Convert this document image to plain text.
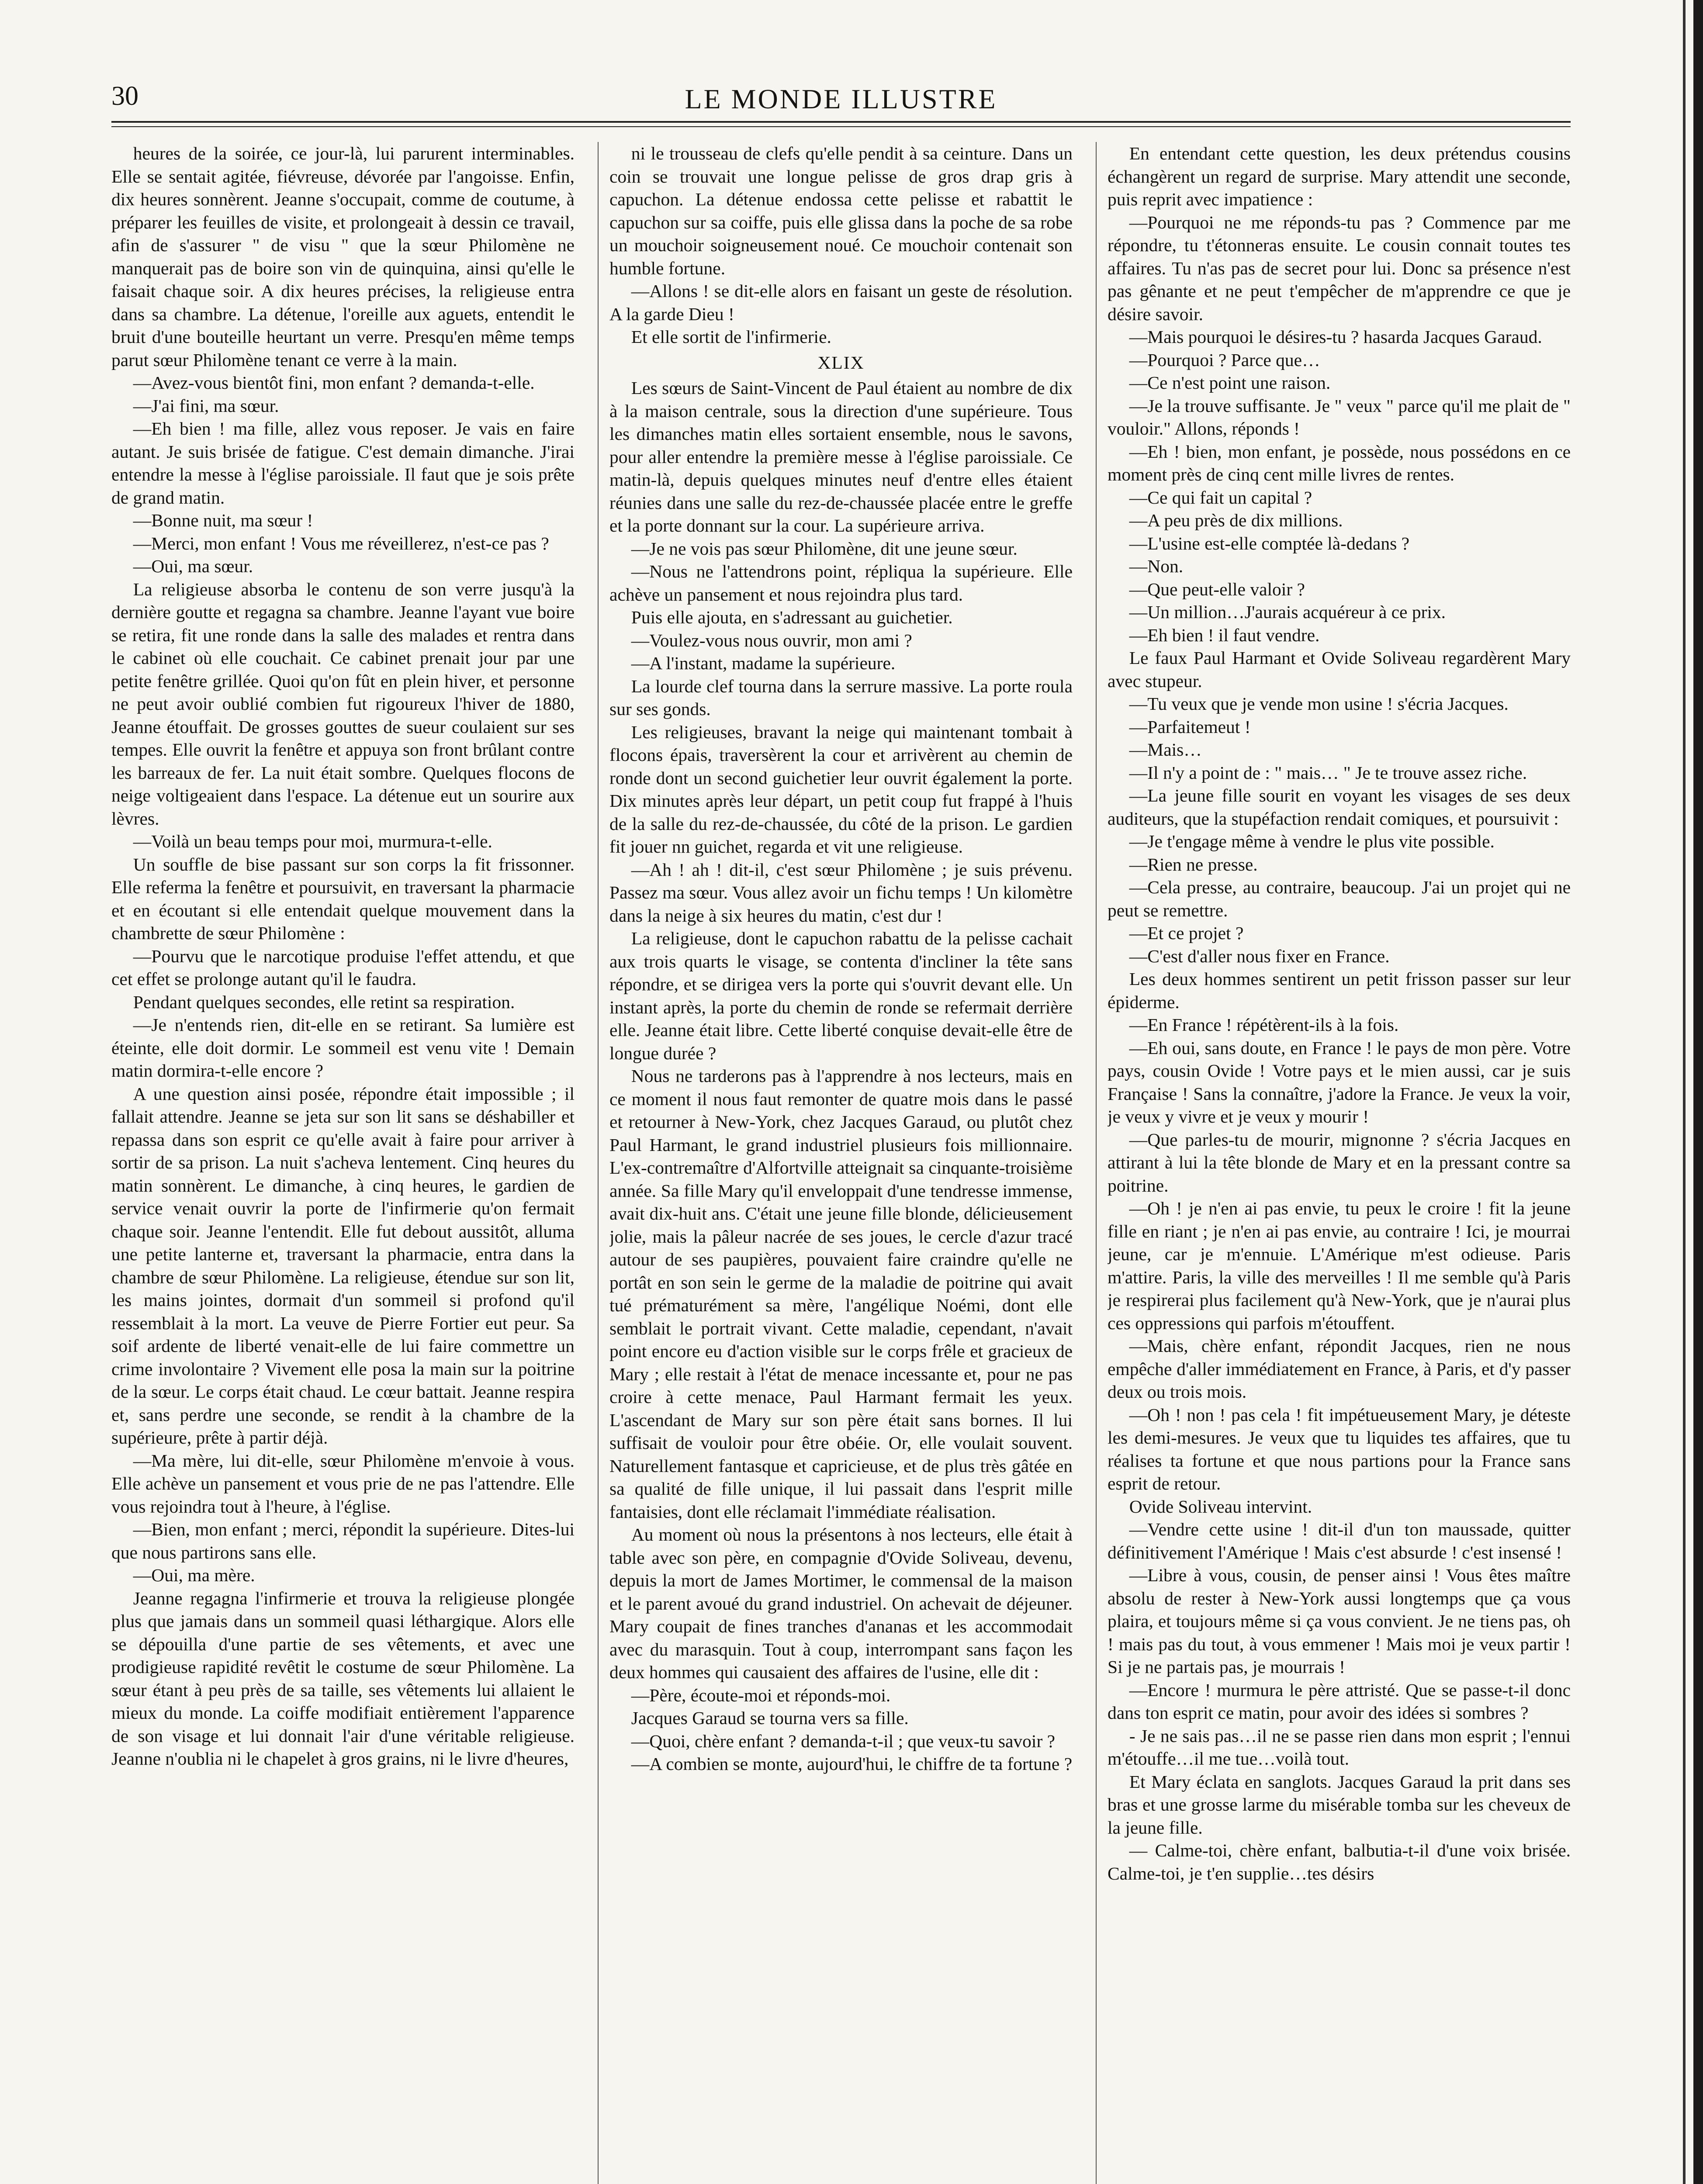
30	LE MONDE ILLUSTRE

heures de la soirée, ce jour-là, lui parurent interminables. Elle se sentait agitée, fiévreuse, dévorée par l'angoisse. Enfin, dix heures sonnèrent. Jeanne s'occupait, comme de coutume, à préparer les feuilles de visite, et prolongeait à dessin ce travail, afin de s'assurer " de visu " que la sœur Philomène ne manquerait pas de boire son vin de quinquina, ainsi qu'elle le faisait chaque soir. A dix heures précises, la religieuse entra dans sa chambre. La détenue, l'oreille aux aguets, entendit le bruit d'une bouteille heurtant un verre. Presqu'en même temps parut sœur Philomène tenant ce verre à la main.

—Avez-vous bientôt fini, mon enfant ? demanda-t-elle.

—J'ai fini, ma sœur.

—Eh bien ! ma fille, allez vous reposer. Je vais en faire autant. Je suis brisée de fatigue. C'est demain dimanche. J'irai entendre la messe à l'église paroissiale. Il faut que je sois prête de grand matin.

—Bonne nuit, ma sœur !

—Merci, mon enfant ! Vous me réveillerez, n'est-ce pas ?

—Oui, ma sœur.

La religieuse absorba le contenu de son verre jusqu'à la dernière goutte et regagna sa chambre. Jeanne l'ayant vue boire se retira, fit une ronde dans la salle des malades et rentra dans le cabinet où elle couchait. Ce cabinet prenait jour par une petite fenêtre grillée. Quoi qu'on fût en plein hiver, et personne ne peut avoir oublié combien fut rigoureux l'hiver de 1880, Jeanne étouffait. De grosses gouttes de sueur coulaient sur ses tempes. Elle ouvrit la fenêtre et appuya son front brûlant contre les barreaux de fer. La nuit était sombre. Quelques flocons de neige voltigeaient dans l'espace. La détenue eut un sourire aux lèvres.

—Voilà un beau temps pour moi, murmura-t-elle.

Un souffle de bise passant sur son corps la fit frissonner. Elle referma la fenêtre et poursuivit, en traversant la pharmacie et en écoutant si elle entendait quelque mouvement dans la chambrette de sœur Philomène :

—Pourvu que le narcotique produise l'effet attendu, et que cet effet se prolonge autant qu'il le faudra.

Pendant quelques secondes, elle retint sa respiration.

—Je n'entends rien, dit-elle en se retirant. Sa lumière est éteinte, elle doit dormir. Le sommeil est venu vite ! Demain matin dormira-t-elle encore ?

A une question ainsi posée, répondre était impossible ; il fallait attendre. Jeanne se jeta sur son lit sans se déshabiller et repassa dans son esprit ce qu'elle avait à faire pour arriver à sortir de sa prison. La nuit s'acheva lentement. Cinq heures du matin sonnèrent. Le dimanche, à cinq heures, le gardien de service venait ouvrir la porte de l'infirmerie qu'on fermait chaque soir. Jeanne l'entendit. Elle fut debout aussitôt, alluma une petite lanterne et, traversant la pharmacie, entra dans la chambre de sœur Philomène. La religieuse, étendue sur son lit, les mains jointes, dormait d'un sommeil si profond qu'il ressemblait à la mort. La veuve de Pierre Fortier eut peur. Sa soif ardente de liberté venait-elle de lui faire commettre un crime involontaire ? Vivement elle posa la main sur la poitrine de la sœur. Le corps était chaud. Le cœur battait. Jeanne respira et, sans perdre une seconde, se rendit à la chambre de la supérieure, prête à partir déjà.

—Ma mère, lui dit-elle, sœur Philomène m'envoie à vous. Elle achève un pansement et vous prie de ne pas l'attendre. Elle vous rejoindra tout à l'heure, à l'église.

—Bien, mon enfant ; merci, répondit la supérieure. Dites-lui que nous partirons sans elle.

—Oui, ma mère.

Jeanne regagna l'infirmerie et trouva la religieuse plongée plus que jamais dans un sommeil quasi léthargique. Alors elle se dépouilla d'une partie de ses vêtements, et avec une prodigieuse rapidité revêtit le costume de sœur Philomène. La sœur étant à peu près de sa taille, ses vêtements lui allaient le mieux du monde. La coiffe modifiait entièrement l'apparence de son visage et lui donnait l'air d'une véritable religieuse. Jeanne n'oublia ni le chapelet à gros grains, ni le livre d'heures,

ni le trousseau de clefs qu'elle pendit à sa ceinture. Dans un coin se trouvait une longue pelisse de gros drap gris à capuchon. La détenue endossa cette pelisse et rabattit le capuchon sur sa coiffe, puis elle glissa dans la poche de sa robe un mouchoir soigneusement noué. Ce mouchoir contenait son humble fortune.

—Allons ! se dit-elle alors en faisant un geste de résolution. A la garde Dieu !

Et elle sortit de l'infirmerie.

XLIX

Les sœurs de Saint-Vincent de Paul étaient au nombre de dix à la maison centrale, sous la direction d'une supérieure. Tous les dimanches matin elles sortaient ensemble, nous le savons, pour aller entendre la première messe à l'église paroissiale. Ce matin-là, depuis quelques minutes neuf d'entre elles étaient réunies dans une salle du rez-de-chaussée placée entre le greffe et la porte donnant sur la cour. La supérieure arriva.

—Je ne vois pas sœur Philomène, dit une jeune sœur.

—Nous ne l'attendrons point, répliqua la supérieure. Elle achève un pansement et nous rejoindra plus tard.

Puis elle ajouta, en s'adressant au guichetier.

—Voulez-vous nous ouvrir, mon ami ?

—A l'instant, madame la supérieure.

La lourde clef tourna dans la serrure massive. La porte roula sur ses gonds.

Les religieuses, bravant la neige qui maintenant tombait à flocons épais, traversèrent la cour et arrivèrent au chemin de ronde dont un second guichetier leur ouvrit également la porte. Dix minutes après leur départ, un petit coup fut frappé à l'huis de la salle du rez-de-chaussée, du côté de la prison. Le gardien fit jouer nn guichet, regarda et vit une religieuse.

—Ah ! ah ! dit-il, c'est sœur Philomène ; je suis prévenu. Passez ma sœur. Vous allez avoir un fichu temps ! Un kilomètre dans la neige à six heures du matin, c'est dur !

La religieuse, dont le capuchon rabattu de la pelisse cachait aux trois quarts le visage, se contenta d'incliner la tête sans répondre, et se dirigea vers la porte qui s'ouvrit devant elle. Un instant après, la porte du chemin de ronde se refermait derrière elle. Jeanne était libre. Cette liberté conquise devait-elle être de longue durée ?

Nous ne tarderons pas à l'apprendre à nos lecteurs, mais en ce moment il nous faut remonter de quatre mois dans le passé et retourner à New-York, chez Jacques Garaud, ou plutôt chez Paul Harmant, le grand industriel plusieurs fois millionnaire. L'ex-contremaître d'Alfortville atteignait sa cinquante-troisième année. Sa fille Mary qu'il enveloppait d'une tendresse immense, avait dix-huit ans. C'était une jeune fille blonde, délicieusement jolie, mais la pâleur nacrée de ses joues, le cercle d'azur tracé autour de ses paupières, pouvaient faire craindre qu'elle ne portât en son sein le germe de la maladie de poitrine qui avait tué prématurément sa mère, l'angélique Noémi, dont elle semblait le portrait vivant. Cette maladie, cependant, n'avait point encore eu d'action visible sur le corps frêle et gracieux de Mary ; elle restait à l'état de menace incessante et, pour ne pas croire à cette menace, Paul Harmant fermait les yeux. L'ascendant de Mary sur son père était sans bornes. Il lui suffisait de vouloir pour être obéie. Or, elle voulait souvent. Naturellement fantasque et capricieuse, et de plus très gâtée en sa qualité de fille unique, il lui passait dans l'esprit mille fantaisies, dont elle réclamait l'immédiate réalisation.

Au moment où nous la présentons à nos lecteurs, elle était à table avec son père, en compagnie d'Ovide Soliveau, devenu, depuis la mort de James Mortimer, le commensal de la maison et le parent avoué du grand industriel. On achevait de déjeuner. Mary coupait de fines tranches d'ananas et les accommodait avec du marasquin. Tout à coup, interrompant sans façon les deux hommes qui causaient des affaires de l'usine, elle dit :

—Père, écoute-moi et réponds-moi.

Jacques Garaud se tourna vers sa fille.

—Quoi, chère enfant ? demanda-t-il ; que veux-tu savoir ?

—A combien se monte, aujourd'hui, le chiffre de ta fortune ?

En entendant cette question, les deux prétendus cousins échangèrent un regard de surprise. Mary attendit une seconde, puis reprit avec impatience :

—Pourquoi ne me réponds-tu pas ? Commence par me répondre, tu t'étonneras ensuite. Le cousin connait toutes tes affaires. Tu n'as pas de secret pour lui. Donc sa présence n'est pas gênante et ne peut t'empêcher de m'apprendre ce que je désire savoir.

—Mais pourquoi le désires-tu ? hasarda Jacques Garaud.

—Pourquoi ? Parce que…

—Ce n'est point une raison.

—Je la trouve suffisante. Je " veux " parce qu'il me plait de " vouloir." Allons, réponds !

—Eh ! bien, mon enfant, je possède, nous possédons en ce moment près de cinq cent mille livres de rentes.

—Ce qui fait un capital ?

—A peu près de dix millions.

—L'usine est-elle comptée là-dedans ?

—Non.

—Que peut-elle valoir ?

—Un million…J'aurais acquéreur à ce prix.

—Eh bien ! il faut vendre.

Le faux Paul Harmant et Ovide Soliveau regardèrent Mary avec stupeur.

—Tu veux que je vende mon usine ! s'écria Jacques.

—Parfaitemeut !

—Mais…

—Il n'y a point de : " mais… " Je te trouve assez riche.

—La jeune fille sourit en voyant les visages de ses deux auditeurs, que la stupéfaction rendait comiques, et poursuivit :

—Je t'engage même à vendre le plus vite possible.

—Rien ne presse.

—Cela presse, au contraire, beaucoup. J'ai un projet qui ne peut se remettre.

—Et ce projet ?

—C'est d'aller nous fixer en France.

Les deux hommes sentirent un petit frisson passer sur leur épiderme.

—En France ! répétèrent-ils à la fois.

—Eh oui, sans doute, en France ! le pays de mon père. Votre pays, cousin Ovide ! Votre pays et le mien aussi, car je suis Française ! Sans la connaître, j'adore la France. Je veux la voir, je veux y vivre et je veux y mourir !

—Que parles-tu de mourir, mignonne ? s'écria Jacques en attirant à lui la tête blonde de Mary et en la pressant contre sa poitrine.

—Oh ! je n'en ai pas envie, tu peux le croire ! fit la jeune fille en riant ; je n'en ai pas envie, au contraire ! Ici, je mourrai jeune, car je m'ennuie. L'Amérique m'est odieuse. Paris m'attire. Paris, la ville des merveilles ! Il me semble qu'à Paris je respirerai plus facilement qu'à New-York, que je n'aurai plus ces oppressions qui parfois m'étouffent.

—Mais, chère enfant, répondit Jacques, rien ne nous empêche d'aller immédiatement en France, à Paris, et d'y passer deux ou trois mois.

—Oh ! non ! pas cela ! fit impétueusement Mary, je déteste les demi-mesures. Je veux que tu liquides tes affaires, que tu réalises ta fortune et que nous partions pour la France sans esprit de retour.

Ovide Soliveau intervint.

—Vendre cette usine ! dit-il d'un ton maussade, quitter définitivement l'Amérique ! Mais c'est absurde ! c'est insensé !

—Libre à vous, cousin, de penser ainsi ! Vous êtes maître absolu de rester à New-York aussi longtemps que ça vous plaira, et toujours même si ça vous convient. Je ne tiens pas, oh ! mais pas du tout, à vous emmener ! Mais moi je veux partir ! Si je ne partais pas, je mourrais !

—Encore ! murmura le père attristé. Que se passe-t-il donc dans ton esprit ce matin, pour avoir des idées si sombres ?

- Je ne sais pas…il ne se passe rien dans mon esprit ; l'ennui m'étouffe…il me tue…voilà tout.

Et Mary éclata en sanglots. Jacques Garaud la prit dans ses bras et une grosse larme du misérable tomba sur les cheveux de la jeune fille.

— Calme-toi, chère enfant, balbutia-t-il d'une voix brisée. Calme-toi, je t'en supplie…tes désirs
